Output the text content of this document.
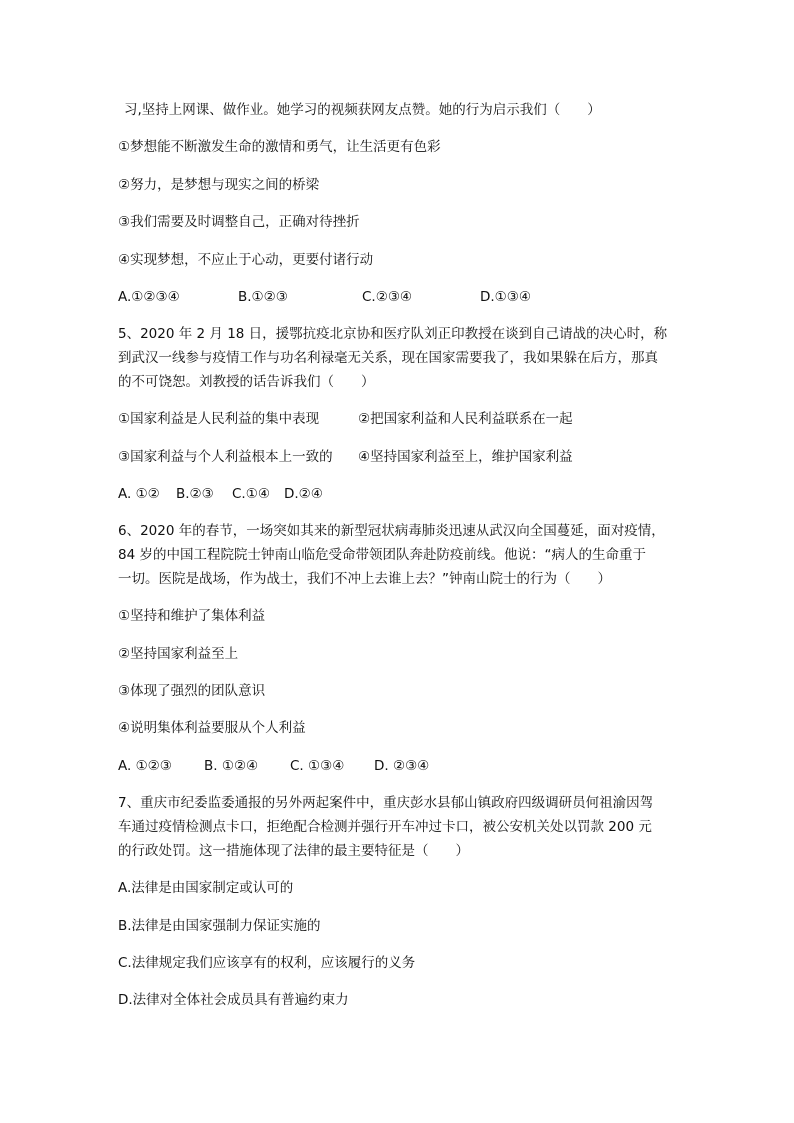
习,坚持上网课、做作业。她学习的视频获网友点赞。她的行为启示我们（　　）
①梦想能不断激发生命的激情和勇气，让生活更有色彩
②努力，是梦想与现实之间的桥梁
③我们需要及时调整自己，正确对待挫折
④实现梦想，不应止于心动，更要付诸行动
A.①②③④	B.①②③	C.②③④	D.①③④
5、2020 年 2 月 18 日，援鄂抗疫北京协和医疗队刘正印教授在谈到自己请战的决心时，称
到武汉一线参与疫情工作与功名利禄毫无关系，现在国家需要我了，我如果躲在后方，那真
的不可饶恕。刘教授的话告诉我们（　　）
①国家利益是人民利益的集中表现	②把国家利益和人民利益联系在一起
③国家利益与个人利益根本上一致的 ④坚持国家利益至上，维护国家利益
A. ①② B.②③ C.①④ D.②④
6、2020 年的春节，一场突如其来的新型冠状病毒肺炎迅速从武汉向全国蔓延，面对疫情，
84 岁的中国工程院院士钟南山临危受命带领团队奔赴防疫前线。他说：“病人的生命重于
一切。医院是战场，作为战士，我们不冲上去谁上去？”钟南山院士的行为（　　）
①坚持和维护了集体利益
②坚持国家利益至上
③体现了强烈的团队意识
④说明集体利益要服从个人利益
A. ①②③ B. ①②④ C. ①③④ D. ②③④
7、重庆市纪委监委通报的另外两起案件中，重庆彭水县郁山镇政府四级调研员何祖渝因驾
车通过疫情检测点卡口，拒绝配合检测并强行开车冲过卡口，被公安机关处以罚款 200 元
的行政处罚。这一措施体现了法律的最主要特征是（　　）
A.法律是由国家制定或认可的
B.法律是由国家强制力保证实施的
C.法律规定我们应该享有的权利，应该履行的义务
D.法律对全体社会成员具有普遍约束力
